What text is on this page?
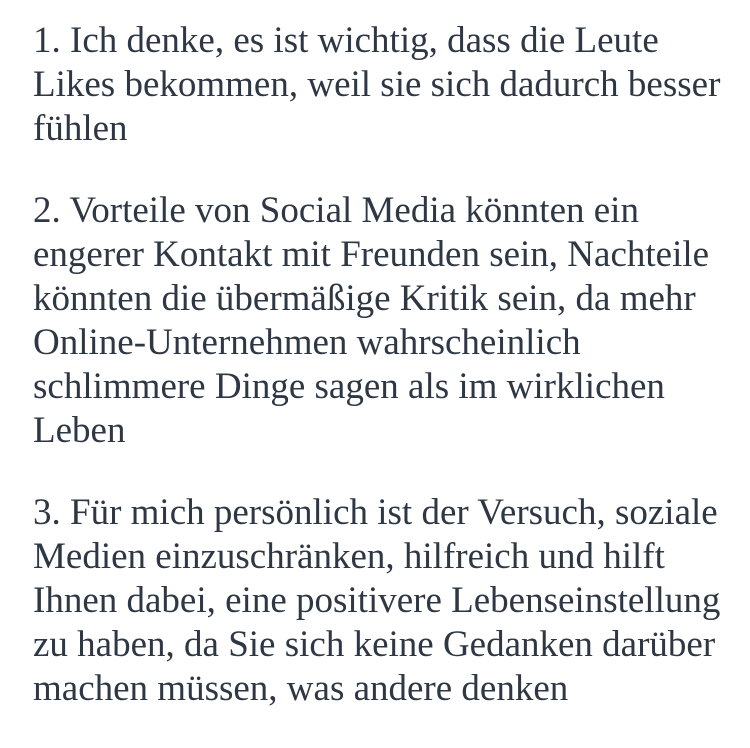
1. Ich denke, es ist wichtig, dass die Leute
Likes bekommen, weil sie sich dadurch besser
fühlen

2. Vorteile von Social Media könnten ein
engerer Kontakt mit Freunden sein, Nachteile
könnten die übermäßige Kritik sein, da mehr
Online-Unternehmen wahrscheinlich
schlimmere Dinge sagen als im wirklichen
Leben

3. Für mich persönlich ist der Versuch, soziale
Medien einzuschränken, hilfreich und hilft
Ihnen dabei, eine positivere Lebenseinstellung
zu haben, da Sie sich keine Gedanken darüber
machen müssen, was andere denken
